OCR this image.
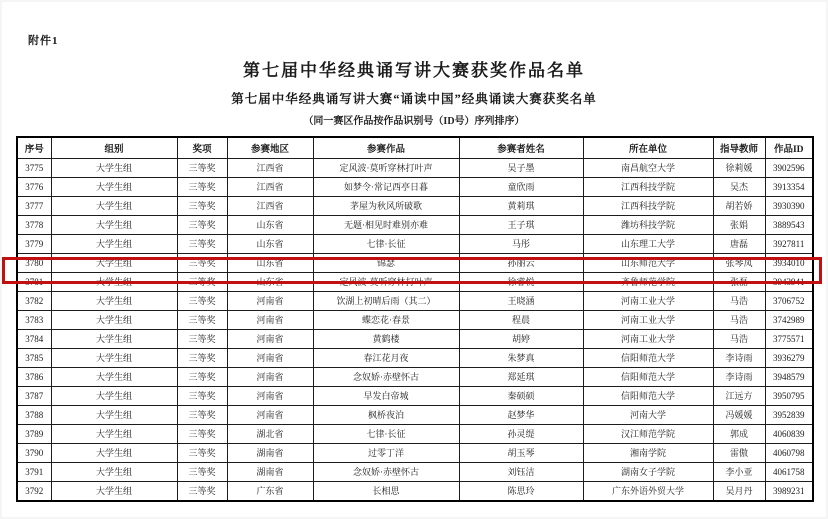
附件1
第七届中华经典诵写讲大赛获奖作品名单
第七届中华经典诵写讲大赛“诵读中国”经典诵读大赛获奖名单
（同一赛区作品按作品识别号（ID号）序列排序）
序号	组别	奖项	参赛地区	参赛作品	参赛者姓名	所在单位	指导教师	作品ID
3775	大学生组	三等奖	江西省	定风波·莫听穿林打叶声	吴子墨	南昌航空大学	徐莉媛	3902596
3776	大学生组	三等奖	江西省	如梦令·常记西亭日暮	童欣雨	江西科技学院	吴杰	3913354
3777	大学生组	三等奖	江西省	茅屋为秋风所破歌	黄莉琪	江西科技学院	胡若娇	3930390
3778	大学生组	三等奖	山东省	无题·相见时难别亦难	王子琪	潍坊科技学院	张娟	3889543
3779	大学生组	三等奖	山东省	七律·长征	马彤	山东理工大学	唐磊	3927811
3780	大学生组	三等奖	山东省	锦瑟	孙丽云	山东师范大学	张琴凤	3934010
3781	大学生组	三等奖	山东省	定风波·莫听穿林打叶声	徐睿悦	齐鲁师范学院	张磊	3943941
3782	大学生组	三等奖	河南省	饮湖上初晴后雨（其二）	王晓涵	河南工业大学	马浩	3706752
3783	大学生组	三等奖	河南省	蝶恋花·春景	程晨	河南工业大学	马浩	3742989
3784	大学生组	三等奖	河南省	黄鹤楼	胡婷	河南工业大学	马浩	3775571
3785	大学生组	三等奖	河南省	春江花月夜	朱梦真	信阳师范大学	李诗雨	3936279
3786	大学生组	三等奖	河南省	念奴娇·赤壁怀古	郑延琪	信阳师范大学	李诗雨	3948579
3787	大学生组	三等奖	河南省	早发白帝城	秦硕硕	信阳师范大学	江远方	3950795
3788	大学生组	三等奖	河南省	枫桥夜泊	赵梦华	河南大学	冯媛媛	3952839
3789	大学生组	三等奖	湖北省	七律·长征	孙灵缇	汉江师范学院	郭成	4060839
3790	大学生组	三等奖	湖南省	过零丁洋	胡玉琴	湘南学院	雷傲	4060798
3791	大学生组	三等奖	湖南省	念奴娇·赤壁怀古	刘钰洁	湖南女子学院	李小亚	4061758
3792	大学生组	三等奖	广东省	长相思	陈思玲	广东外语外贸大学	吴月丹	3989231
